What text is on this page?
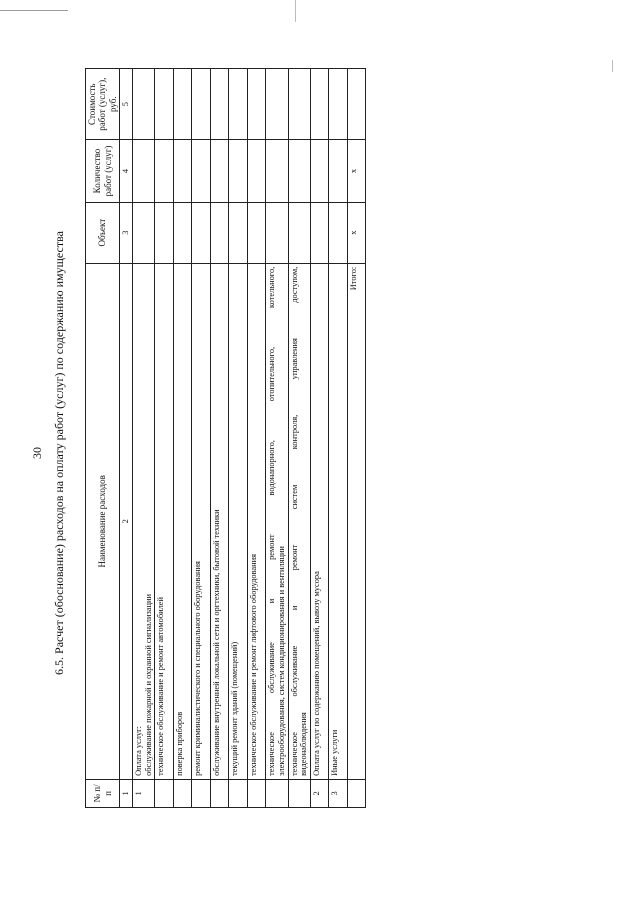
30 6.5. Расчет (обоснование) расходов на оплату работ (услуг) по содержанию имущества
№ п/п	Наименование расходов	Объект	Количество работ (услуг)	Стоимость работ (услуг), руб.
1	2	3	4	5
1	Оплата услуг: обслуживание пожарной и охранной сигнализации			

	техническое обслуживание и ремонт автомобилей			
	поверка приборов			
	ремонт криминалистического и специального оборудования			
	обслуживание внутренней локальной сети и оргтехники, бытовой техники			
	текущий ремонт зданий (помещений)			
	техническое обслуживание и ремонт лифтового оборудования			

	техническое обслуживание и ремонт водонапорного, отопительного, котельного, электрооборудования, систем кондиционирования и вентиляции			

	техническое обслуживание и ремонт систем контроля, управления доступом, видеонаблюдения			

2	Оплата услуг по содержанию помещений, вывозу мусора			
3	Иные услуги			
	Итого:	х	х	
